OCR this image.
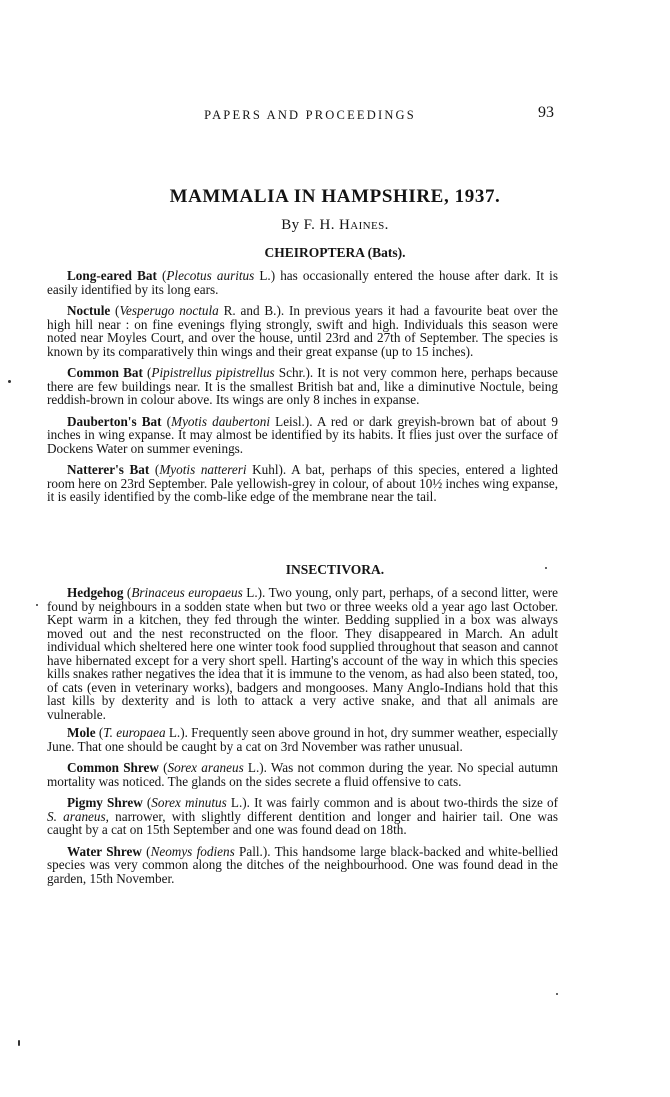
PAPERS AND PROCEEDINGS	93
MAMMALIA IN HAMPSHIRE, 1937.
By F. H. Haines.
CHEIROPTERA (Bats).

Long-eared Bat (Plecotus auritus L.) has occasionally entered the house after dark. It is easily identified by its long ears.

Noctule (Vesperugo noctula R. and B.). In previous years it had a favourite beat over the high hill near : on fine evenings flying strongly, swift and high. Individuals this season were noted near Moyles Court, and over the house, until 23rd and 27th of September. The species is known by its comparatively thin wings and their great expanse (up to 15 inches).

Common Bat (Pipistrellus pipistrellus Schr.). It is not very common here, perhaps because there are few buildings near. It is the smallest British bat and, like a diminutive Noctule, being reddish-brown in colour above. Its wings are only 8 inches in expanse.

Dauberton's Bat (Myotis daubertoni Leisl.). A red or dark greyish-brown bat of about 9 inches in wing expanse. It may almost be identified by its habits. It flies just over the surface of Dockens Water on summer evenings.

Natterer's Bat (Myotis nattereri Kuhl). A bat, perhaps of this species, entered a lighted room here on 23rd September. Pale yellowish-grey in colour, of about 10½ inches wing expanse, it is easily identified by the comb-like edge of the membrane near the tail.

INSECTIVORA.

Hedgehog (Brinaceus europaeus L.). Two young, only part, perhaps, of a second litter, were found by neighbours in a sodden state when but two or three weeks old a year ago last October. Kept warm in a kitchen, they fed through the winter. Bedding supplied in a box was always moved out and the nest reconstructed on the floor. They disappeared in March. An adult individual which sheltered here one winter took food supplied throughout that season and cannot have hibernated except for a very short spell. Harting's account of the way in which this species kills snakes rather negatives the idea that it is immune to the venom, as had also been stated, too, of cats (even in veterinary works), badgers and mongooses. Many Anglo-Indians hold that this last kills by dexterity and is loth to attack a very active snake, and that all animals are vulnerable.

Mole (T. europaea L.). Frequently seen above ground in hot, dry summer weather, especially June. That one should be caught by a cat on 3rd November was rather unusual.

Common Shrew (Sorex araneus L.). Was not common during the year. No special autumn mortality was noticed. The glands on the sides secrete a fluid offensive to cats.

Pigmy Shrew (Sorex minutus L.). It was fairly common and is about two-thirds the size of S. araneus, narrower, with slightly different dentition and longer and hairier tail. One was caught by a cat on 15th September and one was found dead on 18th.

Water Shrew (Neomys fodiens Pall.). This handsome large black-backed and white-bellied species was very common along the ditches of the neighbourhood. One was found dead in the garden, 15th November.
